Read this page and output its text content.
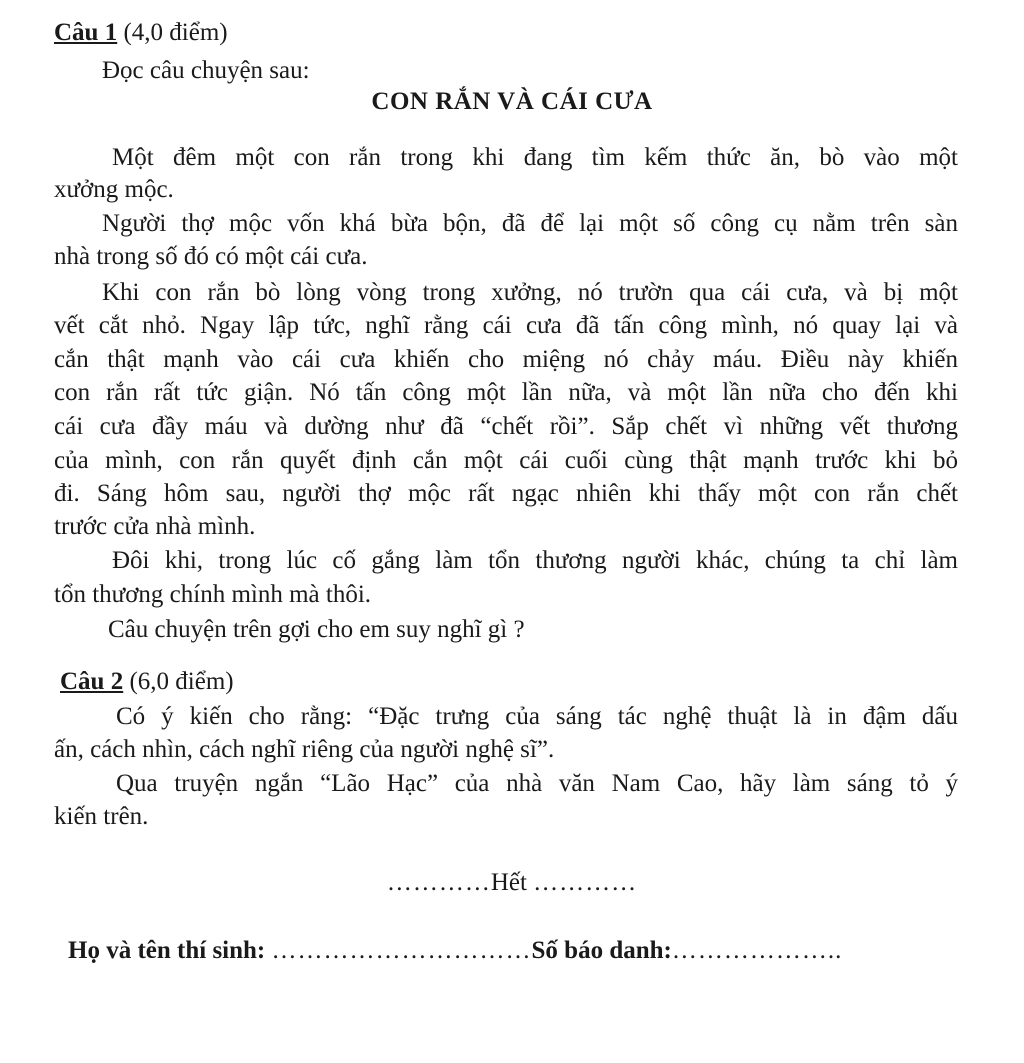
Câu 1 (4,0 điểm)
Đọc câu chuyện sau:
CON RẮN VÀ CÁI CƯA
Một đêm một con rắn trong khi đang tìm kếm thức ăn, bò vào một
xưởng mộc.
Người thợ mộc vốn khá bừa bộn, đã để lại một số công cụ nằm trên sàn
nhà trong số đó có một cái cưa.
Khi con rắn bò lòng vòng trong xưởng, nó trườn qua cái cưa, và bị một
vết cắt nhỏ. Ngay lập tức, nghĩ rằng cái cưa đã tấn công mình, nó quay lại và
cắn thật mạnh vào cái cưa khiến cho miệng nó chảy máu. Điều này khiến
con rắn rất tức giận. Nó tấn công một lần nữa, và một lần nữa cho đến khi
cái cưa đầy máu và dường như đã “chết rồi”. Sắp chết vì những vết thương
của mình, con rắn quyết định cắn một cái cuối cùng thật mạnh trước khi bỏ
đi. Sáng hôm sau, người thợ mộc rất ngạc nhiên khi thấy một con rắn chết
trước cửa nhà mình.
Đôi khi, trong lúc cố gắng làm tổn thương người khác, chúng ta chỉ làm
tổn thương chính mình mà thôi.
Câu chuyện trên gợi cho em suy nghĩ gì ?
Câu 2 (6,0 điểm)
Có ý kiến cho rằng: “Đặc trưng của sáng tác nghệ thuật là in đậm dấu
ấn, cách nhìn, cách nghĩ riêng của người nghệ sĩ”.
Qua truyện ngắn “Lão Hạc” của nhà văn Nam Cao, hãy làm sáng tỏ ý
kiến trên.
…………Hết …………
Họ và tên thí sinh: …………………………Số báo danh:………………..
